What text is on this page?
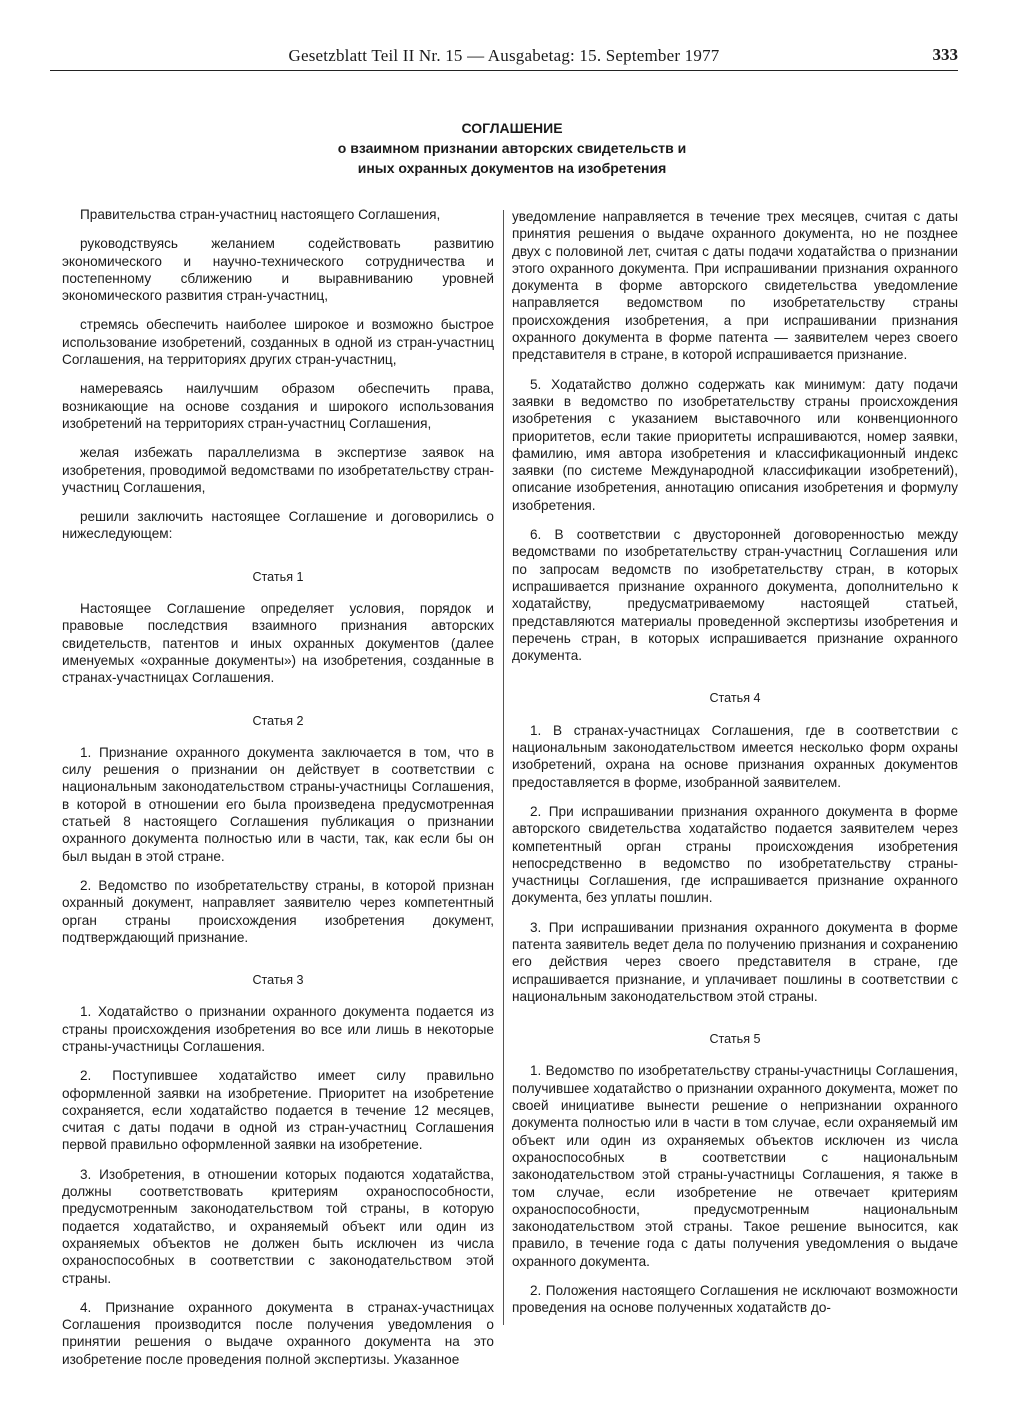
Gesetzblatt Teil II Nr. 15 — Ausgabetag: 15. September 1977	333
СОГЛАШЕНИЕ
о взаимном признании авторских свидетельств и
иных охранных документов на изобретения

Правительства стран-участниц настоящего Соглашения,

руководствуясь желанием содействовать развитию экономического и научно-технического сотрудничества и постепенному сближению и выравниванию уровней экономического развития стран-участниц,

стремясь обеспечить наиболее широкое и возможно быстрое использование изобретений, созданных в одной из стран-участниц Соглашения, на территориях других стран-участниц,

намереваясь наилучшим образом обеспечить права, возникающие на основе создания и широкого использования изобретений на территориях стран-участниц Соглашения,

желая избежать параллелизма в экспертизе заявок на изобретения, проводимой ведомствами по изобретательству стран-участниц Соглашения,

решили заключить настоящее Соглашение и договорились о нижеследующем:

Статья 1

Настоящее Соглашение определяет условия, порядок и правовые последствия взаимного признания авторских свидетельств, патентов и иных охранных документов (далее именуемых «охранные документы») на изобретения, созданные в странах-участницах Соглашения.

Статья 2

1. Признание охранного документа заключается в том, что в силу решения о признании он действует в соответствии с национальным законодательством страны-участницы Соглашения, в которой в отношении его была произведена предусмотренная статьей 8 настоящего Соглашения публикация о признании охранного документа полностью или в части, так, как если бы он был выдан в этой стране.

2. Ведомство по изобретательству страны, в которой признан охранный документ, направляет заявителю через компетентный орган страны происхождения изобретения документ, подтверждающий признание.

Статья 3

1. Ходатайство о признании охранного документа подается из страны происхождения изобретения во все или лишь в некоторые страны-участницы Соглашения.

2. Поступившее ходатайство имеет силу правильно оформленной заявки на изобретение. Приоритет на изобретение сохраняется, если ходатайство подается в течение 12 месяцев, считая с даты подачи в одной из стран-участниц Соглашения первой правильно оформленной заявки на изобретение.

3. Изобретения, в отношении которых подаются ходатайства, должны соответствовать критериям охраноспособности, предусмотренным законодательством той страны, в которую подается ходатайство, и охраняемый объект или один из охраняемых объектов не должен быть исключен из числа охраноспособных в соответствии с законодательством этой страны.

4. Признание охранного документа в странах-участницах Соглашения производится после получения уведомления о принятии решения о выдаче охранного документа на это изобретение после проведения полной экспертизы. Указанное

уведомление направляется в течение трех месяцев, считая с даты принятия решения о выдаче охранного документа, но не позднее двух с половиной лет, считая с даты подачи ходатайства о признании этого охранного документа. При испрашивании признания охранного документа в форме авторского свидетельства уведомление направляется ведомством по изобретательству страны происхождения изобретения, а при испрашивании признания охранного документа в форме патента — заявителем через своего представителя в стране, в которой испрашивается признание.

5. Ходатайство должно содержать как минимум: дату подачи заявки в ведомство по изобретательству страны происхождения изобретения с указанием выставочного или конвенционного приоритетов, если такие приоритеты испрашиваются, номер заявки, фамилию, имя автора изобретения и классификационный индекс заявки (по системе Международной классификации изобретений), описание изобретения, аннотацию описания изобретения и формулу изобретения.

6. В соответствии с двусторонней договоренностью между ведомствами по изобретательству стран-участниц Соглашения или по запросам ведомств по изобретательству стран, в которых испрашивается признание охранного документа, дополнительно к ходатайству, предусматриваемому настоящей статьей, представляются материалы проведенной экспертизы изобретения и перечень стран, в которых испрашивается признание охранного документа.

Статья 4

1. В странах-участницах Соглашения, где в соответствии с национальным законодательством имеется несколько форм охраны изобретений, охрана на основе признания охранных документов предоставляется в форме, изобранной заявителем.

2. При испрашивании признания охранного документа в форме авторского свидетельства ходатайство подается заявителем через компетентный орган страны происхождения изобретения непосредственно в ведомство по изобретательству страны-участницы Соглашения, где испрашивается признание охранного документа, без уплаты пошлин.

3. При испрашивании признания охранного документа в форме патента заявитель ведет дела по получению признания и сохранению его действия через своего представителя в стране, где испрашивается признание, и уплачивает пошлины в соответствии с национальным законодательством этой страны.

Статья 5

1. Ведомство по изобретательству страны-участницы Соглашения, получившее ходатайство о признании охранного документа, может по своей инициативе вынести решение о непризнании охранного документа полностью или в части в том случае, если охраняемый им объект или один из охраняемых объектов исключен из числа охраноспособных в соответствии с национальным законодательством этой страны-участницы Соглашения, я также в том случае, если изобретение не отвечает критериям охраноспособности, предусмотренным национальным законодательством этой страны. Такое решение выносится, как правило, в течение года с даты получения уведомления о выдаче охранного документа.

2. Положения настоящего Соглашения не исключают возможности проведения на основе полученных ходатайств до-
